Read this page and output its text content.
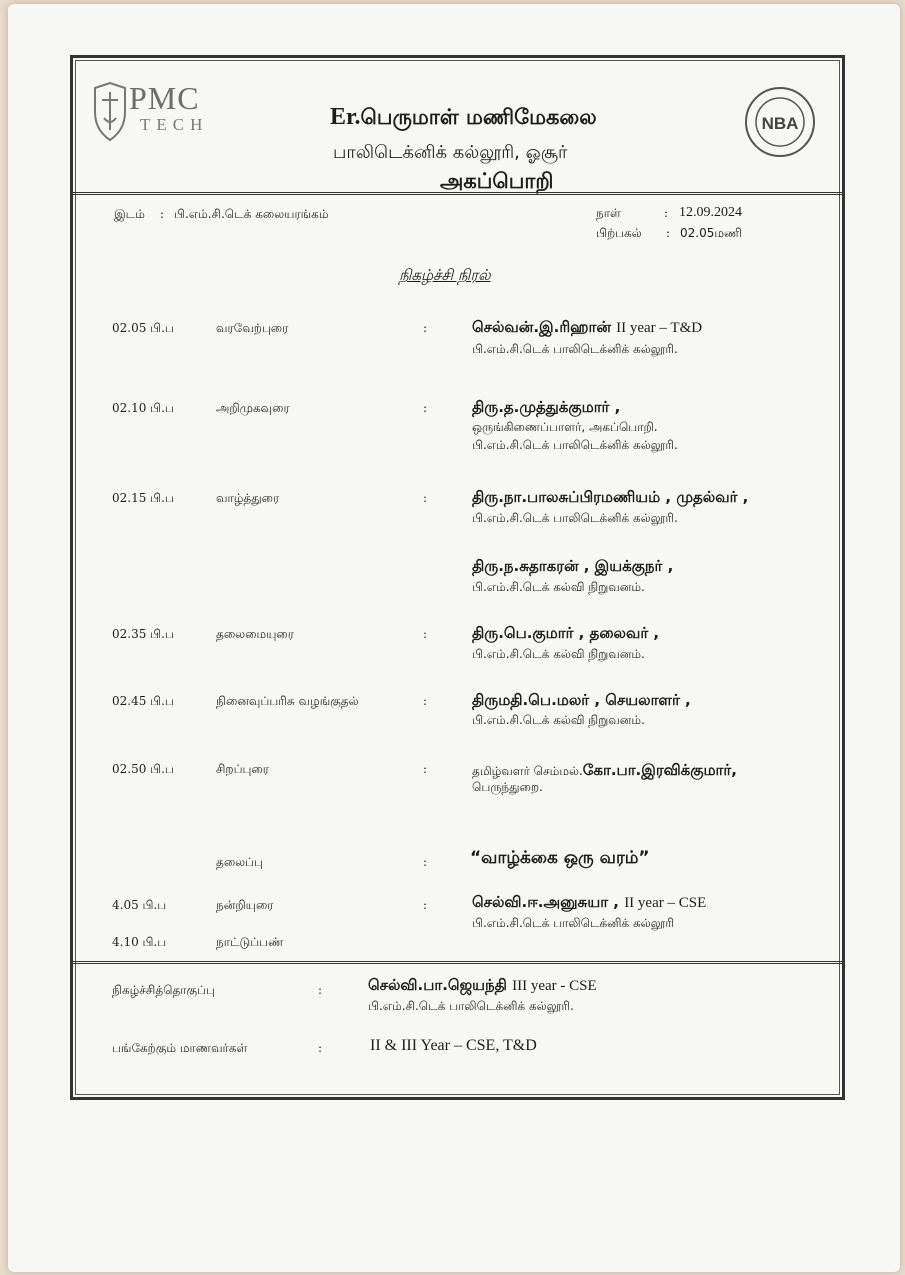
PMC
TECH	NBA
Er.பெருமாள் மணிமேகலை
பாலிடெக்னிக் கல்லூரி, ஓசூர்
அகப்பொறி
இடம் : பி.எம்.சி.டெக் கலையரங்கம்	நாள்	: 12.09.2024
பிற்பகல் : 02.05மணி
நிகழ்ச்சி நிரல்
02.05 பி.ப	வரவேற்புரை	:	செல்வன்.இ.ரிஹான் II year – T&D
பி.எம்.சி.டெக் பாலிடெக்னிக் கல்லூரி.
02.10 பி.ப	அறிமுகவுரை	:	திரு.த.முத்துக்குமார் ,
ஒருங்கிணைப்பாளர், அகப்பொறி.
பி.எம்.சி.டெக் பாலிடெக்னிக் கல்லூரி.
02.15 பி.ப	வாழ்த்துரை	:	திரு.நா.பாலசுப்பிரமணியம் , முதல்வர் ,
பி.எம்.சி.டெக் பாலிடெக்னிக் கல்லூரி.
திரு.ந.சுதாகரன் , இயக்குநர் ,
பி.எம்.சி.டெக் கல்வி நிறுவனம்.
02.35 பி.ப	தலைமையுரை	:	திரு.பெ.குமார் , தலைவர் ,
பி.எம்.சி.டெக் கல்வி நிறுவனம்.
02.45 பி.ப	நினைவுப்பரிசு வழங்குதல்	:	திருமதி.பெ.மலர் , செயலாளர் ,
பி.எம்.சி.டெக் கல்வி நிறுவனம்.
02.50 பி.ப	சிறப்புரை	:	தமிழ்வளர் செம்மல்.கோ.பா.இரவிக்குமார்,
பெருந்துறை.
தலைப்பு	:	“வாழ்க்கை ஒரு வரம்”
4.05 பி.ப	நன்றியுரை	:	செல்வி.ஈ.அனுசுயா , II year – CSE
பி.எம்.சி.டெக் பாலிடெக்னிக் கல்லூரி
4.10 பி.ப	நாட்டுப்பண்
நிகழ்ச்சித்தொகுப்பு	:	செல்வி.பா.ஜெயந்தி III year - CSE
பி.எம்.சி.டெக் பாலிடெக்னிக் கல்லூரி.
பங்கேற்கும் மாணவர்கள்	:	II & III Year – CSE, T&D
